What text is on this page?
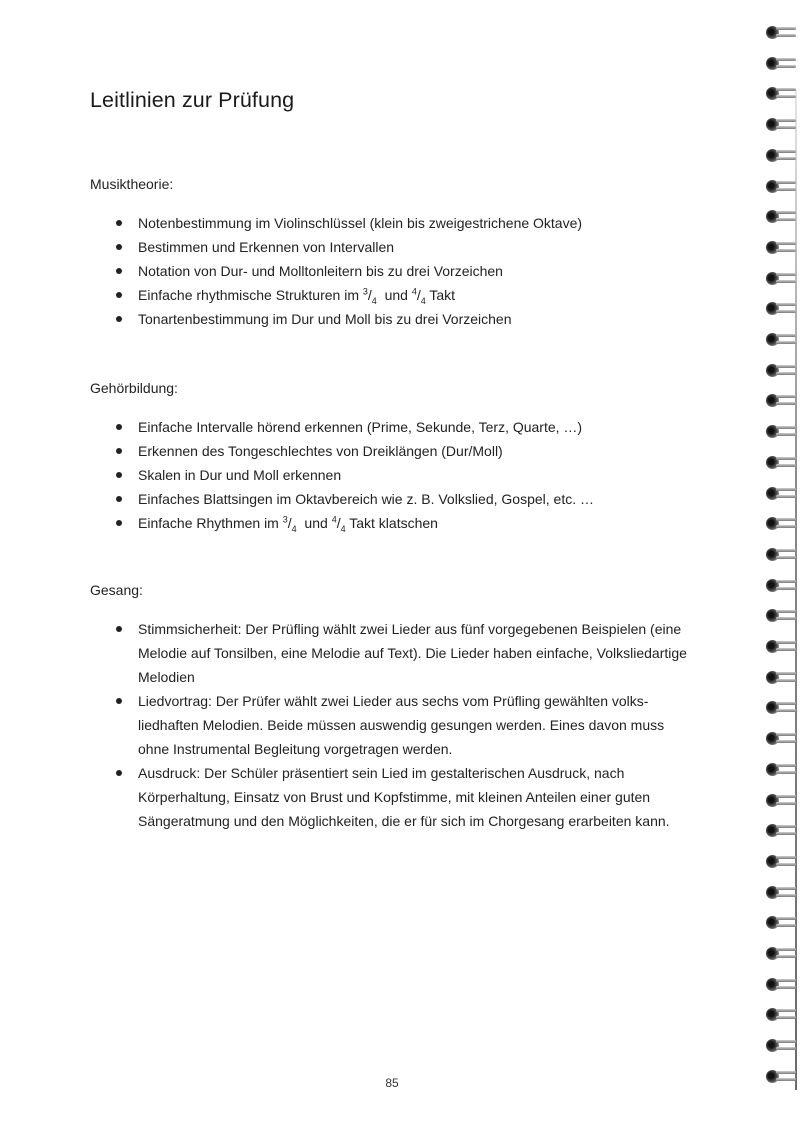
Leitlinien zur Prüfung

Musiktheorie:

Notenbestimmung im Violinschlüssel (klein bis zweigestrichene Oktave)
Bestimmen und Erkennen von Intervallen
Notation von Dur- und Molltonleitern bis zu drei Vorzeichen
Einfache rhythmische Strukturen im $^3/_4$  und $^4/_4$ Takt
Tonartenbestimmung im Dur und Moll bis zu drei Vorzeichen

Gehörbildung:

Einfache Intervalle hörend erkennen (Prime, Sekunde, Terz, Quarte, …)
Erkennen des Tongeschlechtes von Dreiklängen (Dur/Moll)
Skalen in Dur und Moll erkennen
Einfaches Blattsingen im Oktavbereich wie z. B. Volkslied, Gospel, etc. …
Einfache Rhythmen im $^3/_4$  und $^4/_4$ Takt klatschen

Gesang:

Stimmsicherheit: Der Prüfling wählt zwei Lieder aus fünf vorgegebenen Beispielen (eine Melodie auf Tonsilben, eine Melodie auf Text). Die Lieder haben einfache, Volksliedartige Melodien
Liedvortrag: Der Prüfer wählt zwei Lieder aus sechs vom Prüfling gewählten volks-liedhaften Melodien. Beide müssen auswendig gesungen werden. Eines davon muss ohne Instrumental Begleitung vorgetragen werden.
Ausdruck: Der Schüler präsentiert sein Lied im gestalterischen Ausdruck, nach Körperhaltung, Einsatz von Brust und Kopfstimme, mit kleinen Anteilen einer guten Sängeratmung und den Möglichkeiten, die er für sich im Chorgesang erarbeiten kann.
85
